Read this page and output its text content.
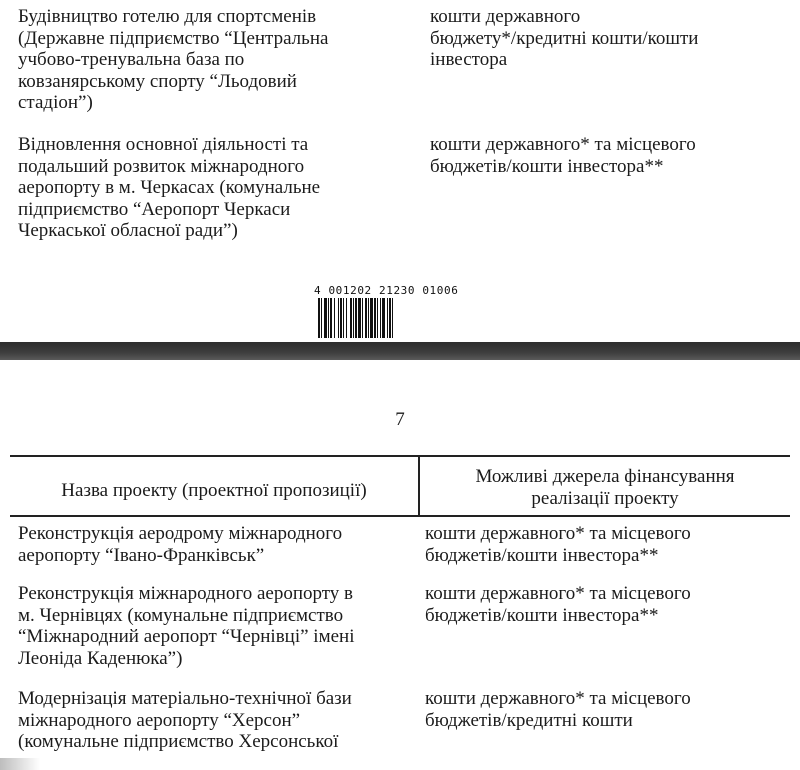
Будівництво готелю для спортсменів
(Державне підприємство “Центральна
учбово-тренувальна база по
ковзанярському спорту “Льодовий
стадіон”)
кошти державного
бюджету*/кредитні кошти/кошти
інвестора
Відновлення основної діяльності та
подальший розвиток міжнародного
аеропорту в м. Черкасах (комунальне
підприємство “Аеропорт Черкаси
Черкаської обласної ради”)
кошти державного* та місцевого
бюджетів/кошти інвестора**
4 001202 21230 01006
7
Назва проекту (проектної пропозиції)
Можливі джерела фінансування
реалізації проекту
Реконструкція аеродрому міжнародного
аеропорту “Івано-Франківськ”
кошти державного* та місцевого
бюджетів/кошти інвестора**
Реконструкція міжнародного аеропорту в
м. Чернівцях (комунальне підприємство
“Міжнародний аеропорт “Чернівці” імені
Леоніда Каденюка”)
кошти державного* та місцевого
бюджетів/кошти інвестора**
Модернізація матеріально-технічної бази
міжнародного аеропорту “Херсон”
(комунальне підприємство Херсонської
кошти державного* та місцевого
бюджетів/кредитні кошти
